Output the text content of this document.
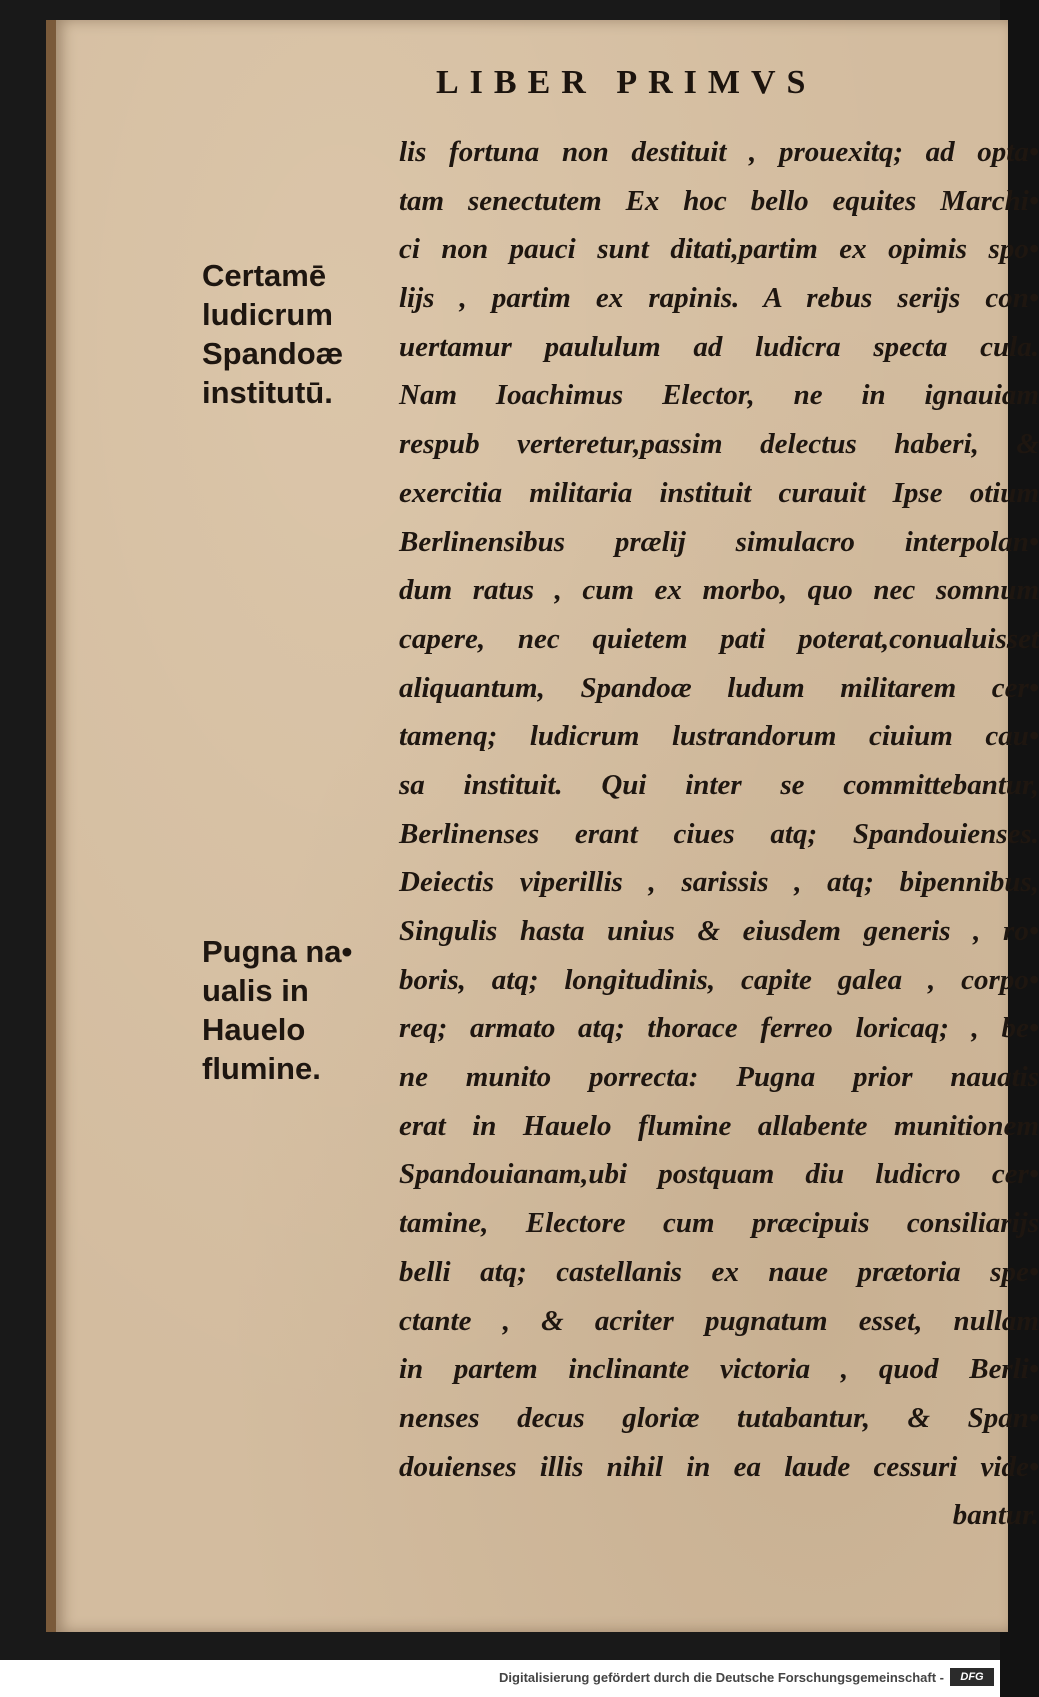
LIBER PRIMVS
Certamē
ludicrum
Spandoæ
institutū.
Pugna na•
ualis in
Hauelo
flumine.
lis fortuna non destituit , prouexitq; ad opta•
tam senectutem Ex hoc bello equites Marchi•
ci non pauci sunt ditati,partim ex opimis spo•
lijs , partim ex rapinis. A rebus serijs con•
uertamur paululum ad ludicra specta cula.
Nam Ioachimus Elector, ne in ignauiam
respub verteretur,passim delectus haberi, &
exercitia militaria instituit curauit Ipse otium
Berlinensibus prælij simulacro interpolan•
dum ratus , cum ex morbo, quo nec somnum
capere, nec quietem pati poterat,conualuisset
aliquantum, Spandoæ ludum militarem cer•
tamenq; ludicrum lustrandorum ciuium cau•
sa instituit. Qui inter se committebantur,
Berlinenses erant ciues atq; Spandouienses.
Deiectis viperillis , sarissis , atq; bipennibus,
Singulis hasta unius & eiusdem generis , ro•
boris, atq; longitudinis, capite galea , corpo•
req; armato atq; thorace ferreo loricaq; , be•
ne munito porrecta: Pugna prior nauatis
erat in Hauelo flumine allabente munitionem
Spandouianam,ubi postquam diu ludicro cer•
tamine, Electore cum præcipuis consiliarijs
belli atq; castellanis ex naue prætoria spe•
ctante , & acriter pugnatum esset, nullam
in partem inclinante victoria , quod Berli•
nenses decus gloriæ tutabantur, & Span•
douienses illis nihil in ea laude cessuri vide•
bantur.
Digitalisierung gefördert durch die Deutsche Forschungsgemeinschaft -	DFG
